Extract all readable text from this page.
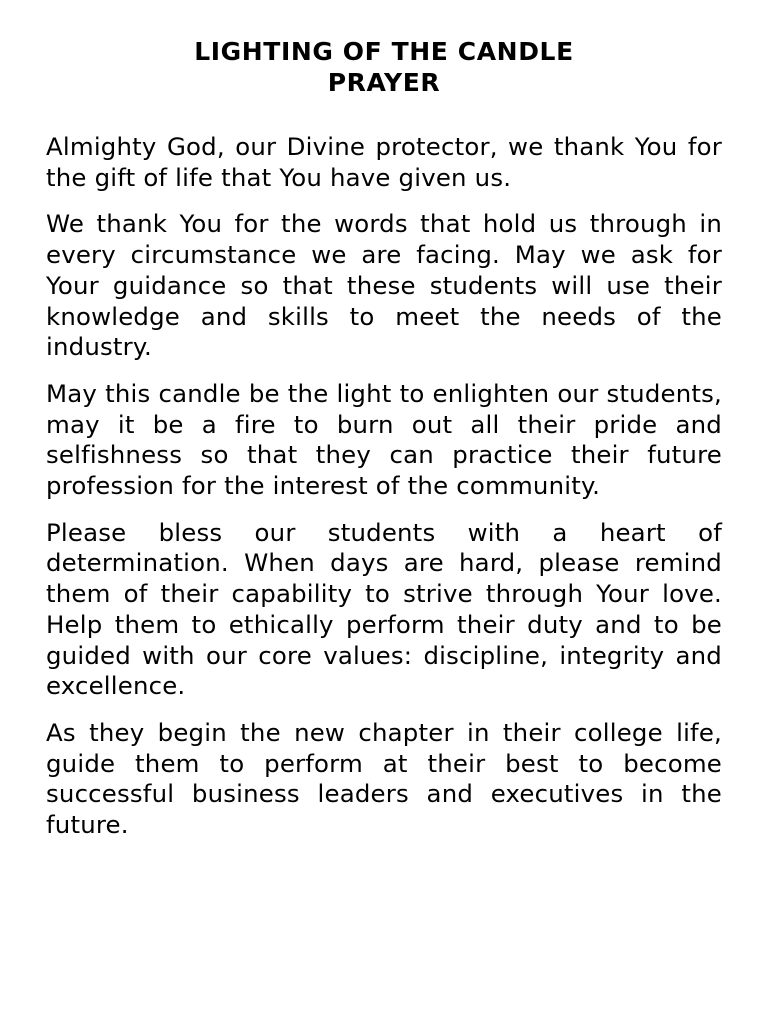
LIGHTING OF THE CANDLE
PRAYER

Almighty God, our Divine protector, we thank You for the gift of life that You have given us.

We thank You for the words that hold us through in every circumstance we are facing. May we ask for Your guidance so that these students will use their knowledge and skills to meet the needs of the industry.

May this candle be the light to enlighten our students, may it be a fire to burn out all their pride and selfishness so that they can practice their future profession for the interest of the community.

Please bless our students with a heart of determination. When days are hard, please remind them of their capability to strive through Your love. Help them to ethically perform their duty and to be guided with our core values: discipline, integrity and excellence.

As they begin the new chapter in their college life, guide them to perform at their best to become successful business leaders and executives in the future.
